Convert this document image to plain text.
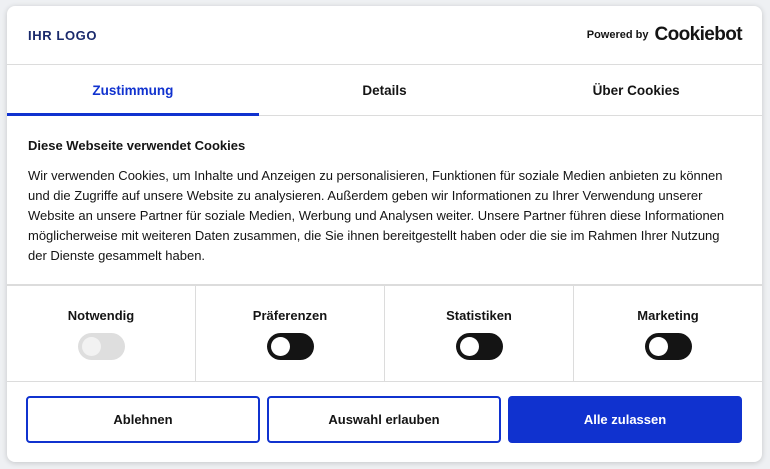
IHR LOGO	Powered by Cookiebot
Zustimmung	Details	Über Cookies
Diese Webseite verwendet Cookies
Wir verwenden Cookies, um Inhalte und Anzeigen zu personalisieren, Funktionen für soziale Medien anbieten zu können und die Zugriffe auf unsere Website zu analysieren. Außerdem geben wir Informationen zu Ihrer Verwendung unserer Website an unsere Partner für soziale Medien, Werbung und Analysen weiter. Unsere Partner führen diese Informationen möglicherweise mit weiteren Daten zusammen, die Sie ihnen bereitgestellt haben oder die sie im Rahmen Ihrer Nutzung der Dienste gesammelt haben.
Notwendig	Präferenzen	Statistiken	Marketing
Ablehnen	Auswahl erlauben	Alle zulassen
